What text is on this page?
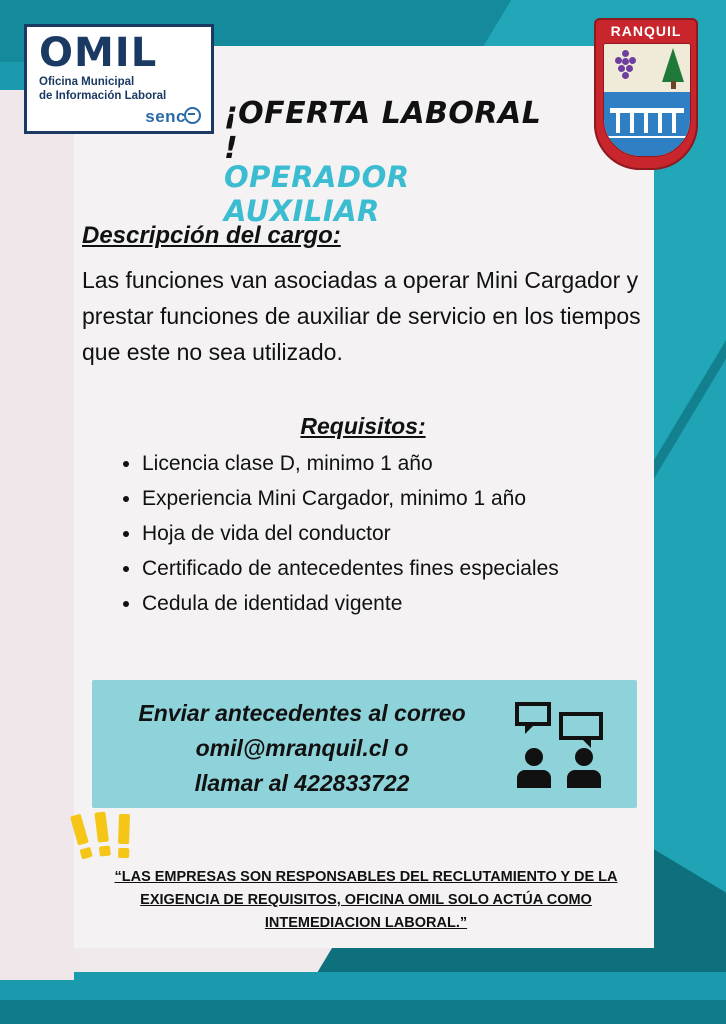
OMIL
Oficina Municipal
de Información Laboral
senc
RANQUIL
¡OFERTA LABORAL !
OPERADOR AUXILIAR
Descripción del cargo:
Las funciones van asociadas a operar Mini Cargador y prestar funciones de auxiliar de servicio en los tiempos que este no sea utilizado.
Requisitos:
• Licencia clase D, minimo 1 año
• Experiencia Mini Cargador, minimo 1 año
• Hoja de vida del conductor
• Certificado de antecedentes fines especiales
• Cedula de identidad vigente
Enviar antecedentes al correo
omil@mranquil.cl o
llamar al 422833722
“LAS EMPRESAS SON RESPONSABLES DEL RECLUTAMIENTO Y DE LA
EXIGENCIA DE REQUISITOS, OFICINA OMIL SOLO ACTÚA COMO
INTEMEDIACION LABORAL.”
